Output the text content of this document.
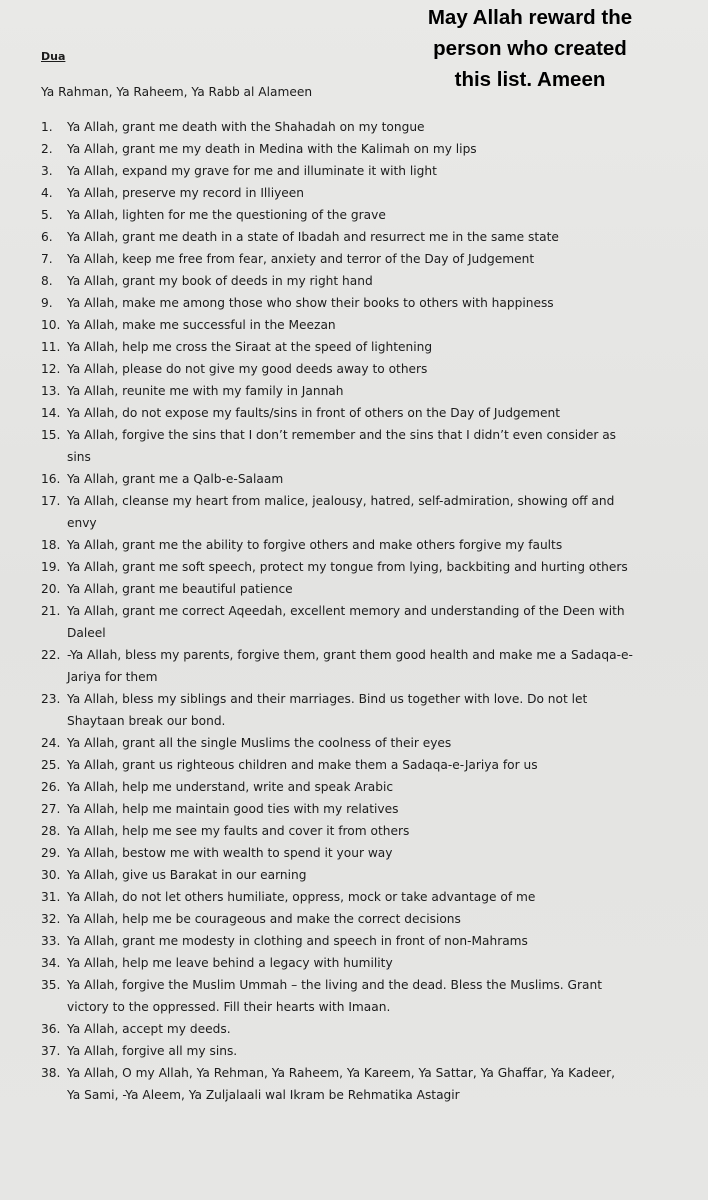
May Allah reward the
person who created
this list. Ameen
Dua
Ya Rahman, Ya Raheem, Ya Rabb al Alameen
1.	Ya Allah, grant me death with the Shahadah on my tongue
2.	Ya Allah, grant me my death in Medina with the Kalimah on my lips
3.	Ya Allah, expand my grave for me and illuminate it with light
4.	Ya Allah, preserve my record in Illiyeen
5.	Ya Allah, lighten for me the questioning of the grave
6.	Ya Allah, grant me death in a state of Ibadah and resurrect me in the same state
7.	Ya Allah, keep me free from fear, anxiety and terror of the Day of Judgement
8.	Ya Allah, grant my book of deeds in my right hand
9.	Ya Allah, make me among those who show their books to others with happiness
10. Ya Allah, make me successful in the Meezan
11. Ya Allah, help me cross the Siraat at the speed of lightening
12. Ya Allah, please do not give my good deeds away to others
13. Ya Allah, reunite me with my family in Jannah
14. Ya Allah, do not expose my faults/sins in front of others on the Day of Judgement
15. Ya Allah, forgive the sins that I don’t remember and the sins that I didn’t even consider as
sins
16. Ya Allah, grant me a Qalb-e-Salaam
17. Ya Allah, cleanse my heart from malice, jealousy, hatred, self-admiration, showing off and
envy
18. Ya Allah, grant me the ability to forgive others and make others forgive my faults
19. Ya Allah, grant me soft speech, protect my tongue from lying, backbiting and hurting others
20. Ya Allah, grant me beautiful patience
21. Ya Allah, grant me correct Aqeedah, excellent memory and understanding of the Deen with
Daleel
22. -Ya Allah, bless my parents, forgive them, grant them good health and make me a Sadaqa-e-
Jariya for them
23. Ya Allah, bless my siblings and their marriages. Bind us together with love. Do not let
Shaytaan break our bond.
24. Ya Allah, grant all the single Muslims the coolness of their eyes
25. Ya Allah, grant us righteous children and make them a Sadaqa-e-Jariya for us
26. Ya Allah, help me understand, write and speak Arabic
27. Ya Allah, help me maintain good ties with my relatives
28. Ya Allah, help me see my faults and cover it from others
29. Ya Allah, bestow me with wealth to spend it your way
30. Ya Allah, give us Barakat in our earning
31. Ya Allah, do not let others humiliate, oppress, mock or take advantage of me
32. Ya Allah, help me be courageous and make the correct decisions
33. Ya Allah, grant me modesty in clothing and speech in front of non-Mahrams
34. Ya Allah, help me leave behind a legacy with humility
35. Ya Allah, forgive the Muslim Ummah – the living and the dead. Bless the Muslims. Grant
victory to the oppressed. Fill their hearts with Imaan.
36. Ya Allah, accept my deeds.
37. Ya Allah, forgive all my sins.
38. Ya Allah, O my Allah, Ya Rehman, Ya Raheem, Ya Kareem, Ya Sattar, Ya Ghaffar, Ya Kadeer,
Ya Sami, -Ya Aleem, Ya Zuljalaali wal Ikram be Rehmatika Astagir
